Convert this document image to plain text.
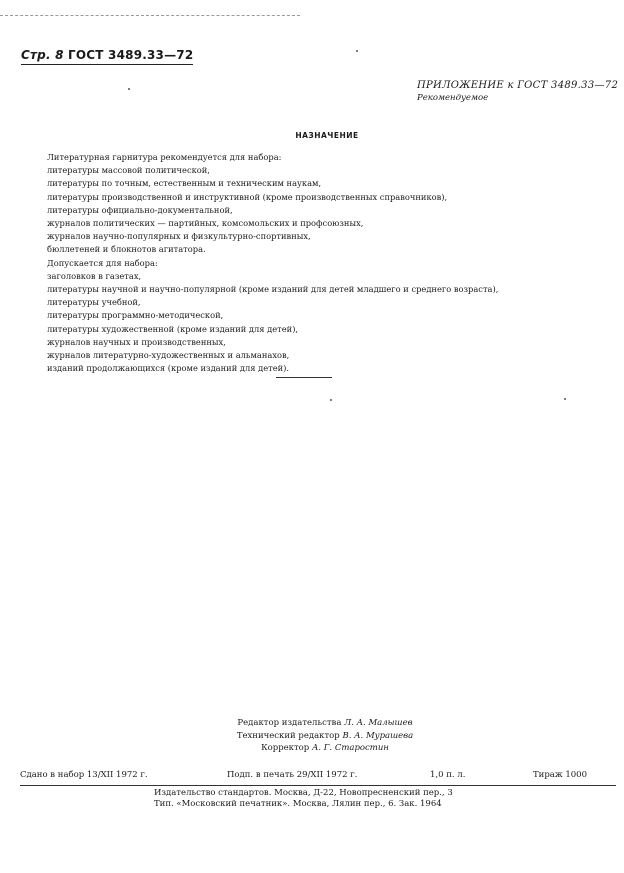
Стр. 8 ГОСТ 3489.33—72
ПРИЛОЖЕНИЕ к ГОСТ 3489.33—72
Рекомендуемое
НАЗНАЧЕНИЕ
Литературная гарнитура рекомендуется для набора:
литературы массовой политической,
литературы по точным, естественным и техническим наукам,
литературы производственной и инструктивной (кроме производственных справочников),
литературы официально-документальной,
журналов политических — партийных, комсомольских и профсоюзных,
журналов научно-популярных и физкультурно-спортивных,
бюллетеней и блокнотов агитатора.
Допускается для набора:
заголовков в газетах,
литературы научной и научно-популярной (кроме изданий для детей младшего и среднего возраста),
литературы учебной,
литературы программно-методической,
литературы художественной (кроме изданий для детей),
журналов научных и производственных,
журналов литературно-художественных и альманахов,
изданий продолжающихся (кроме изданий для детей).
Редактор издательства Л. А. Малышев
Технический редактор В. А. Мурашева
Корректор А. Г. Старостин
Сдано в набор 13/XII 1972 г.	Подп. в печать 29/XII 1972 г.	1,0 п. л.	Тираж 1000
Издательство стандартов. Москва, Д-22, Новопресненский пер., 3
Тип. «Московский печатник». Москва, Лялин пер., 6. Зак. 1964
